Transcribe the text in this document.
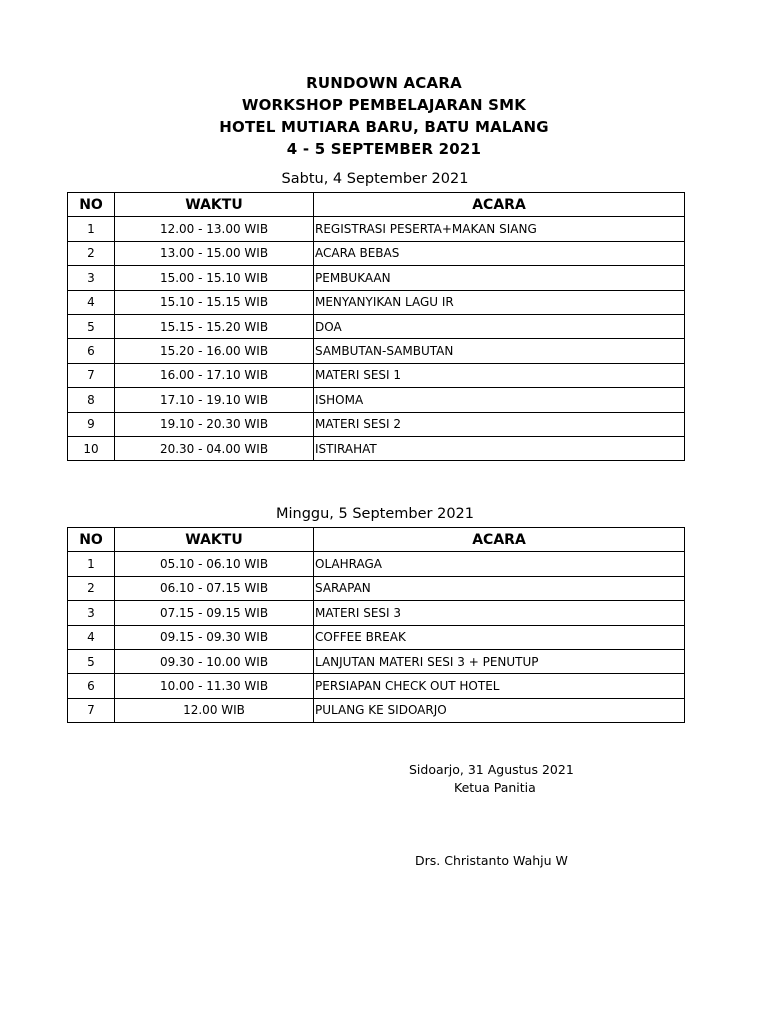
RUNDOWN ACARA
WORKSHOP PEMBELAJARAN SMK
HOTEL MUTIARA BARU, BATU MALANG
4 - 5 SEPTEMBER 2021
Sabtu, 4 September 2021
NO	WAKTU	ACARA
1	12.00 - 13.00 WIB	REGISTRASI PESERTA+MAKAN SIANG
2	13.00 - 15.00 WIB	ACARA BEBAS
3	15.00 - 15.10 WIB	PEMBUKAAN
4	15.10 - 15.15 WIB	MENYANYIKAN LAGU IR
5	15.15 - 15.20 WIB	DOA
6	15.20 - 16.00 WIB	SAMBUTAN-SAMBUTAN
7	16.00 - 17.10 WIB	MATERI SESI 1
8	17.10 - 19.10 WIB	ISHOMA
9	19.10 - 20.30 WIB	MATERI SESI 2
10	20.30 - 04.00 WIB	ISTIRAHAT
Minggu, 5 September 2021
NO	WAKTU	ACARA
1	05.10 - 06.10 WIB	OLAHRAGA
2	06.10 - 07.15 WIB	SARAPAN
3	07.15 - 09.15 WIB	MATERI SESI 3
4	09.15 - 09.30 WIB	COFFEE BREAK
5	09.30 - 10.00 WIB	LANJUTAN MATERI SESI 3 + PENUTUP
6	10.00 - 11.30 WIB	PERSIAPAN CHECK OUT HOTEL
7	12.00 WIB	PULANG KE SIDOARJO
Sidoarjo, 31 Agustus 2021
Ketua Panitia
Drs. Christanto Wahju W
